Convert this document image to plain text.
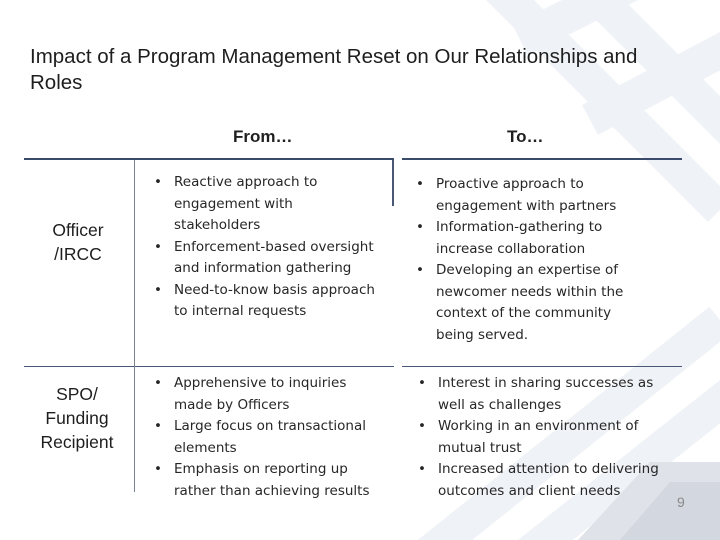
Impact of a Program Management Reset on Our Relationships and Roles
From…	To…
Officer /IRCC
SPO/ Funding Recipient
• Reactive approach to engagement with stakeholders
• Enforcement-based oversight and information gathering
• Need-to-know basis approach to internal requests
• Proactive approach to engagement with partners
• Information-gathering to increase collaboration
• Developing an expertise of newcomer needs within the context of the community being served.
• Apprehensive to inquiries made by Officers
• Large focus on transactional elements
• Emphasis on reporting up rather than achieving results
• Interest in sharing successes as well as challenges
• Working in an environment of mutual trust
• Increased attention to delivering outcomes and client needs
9
